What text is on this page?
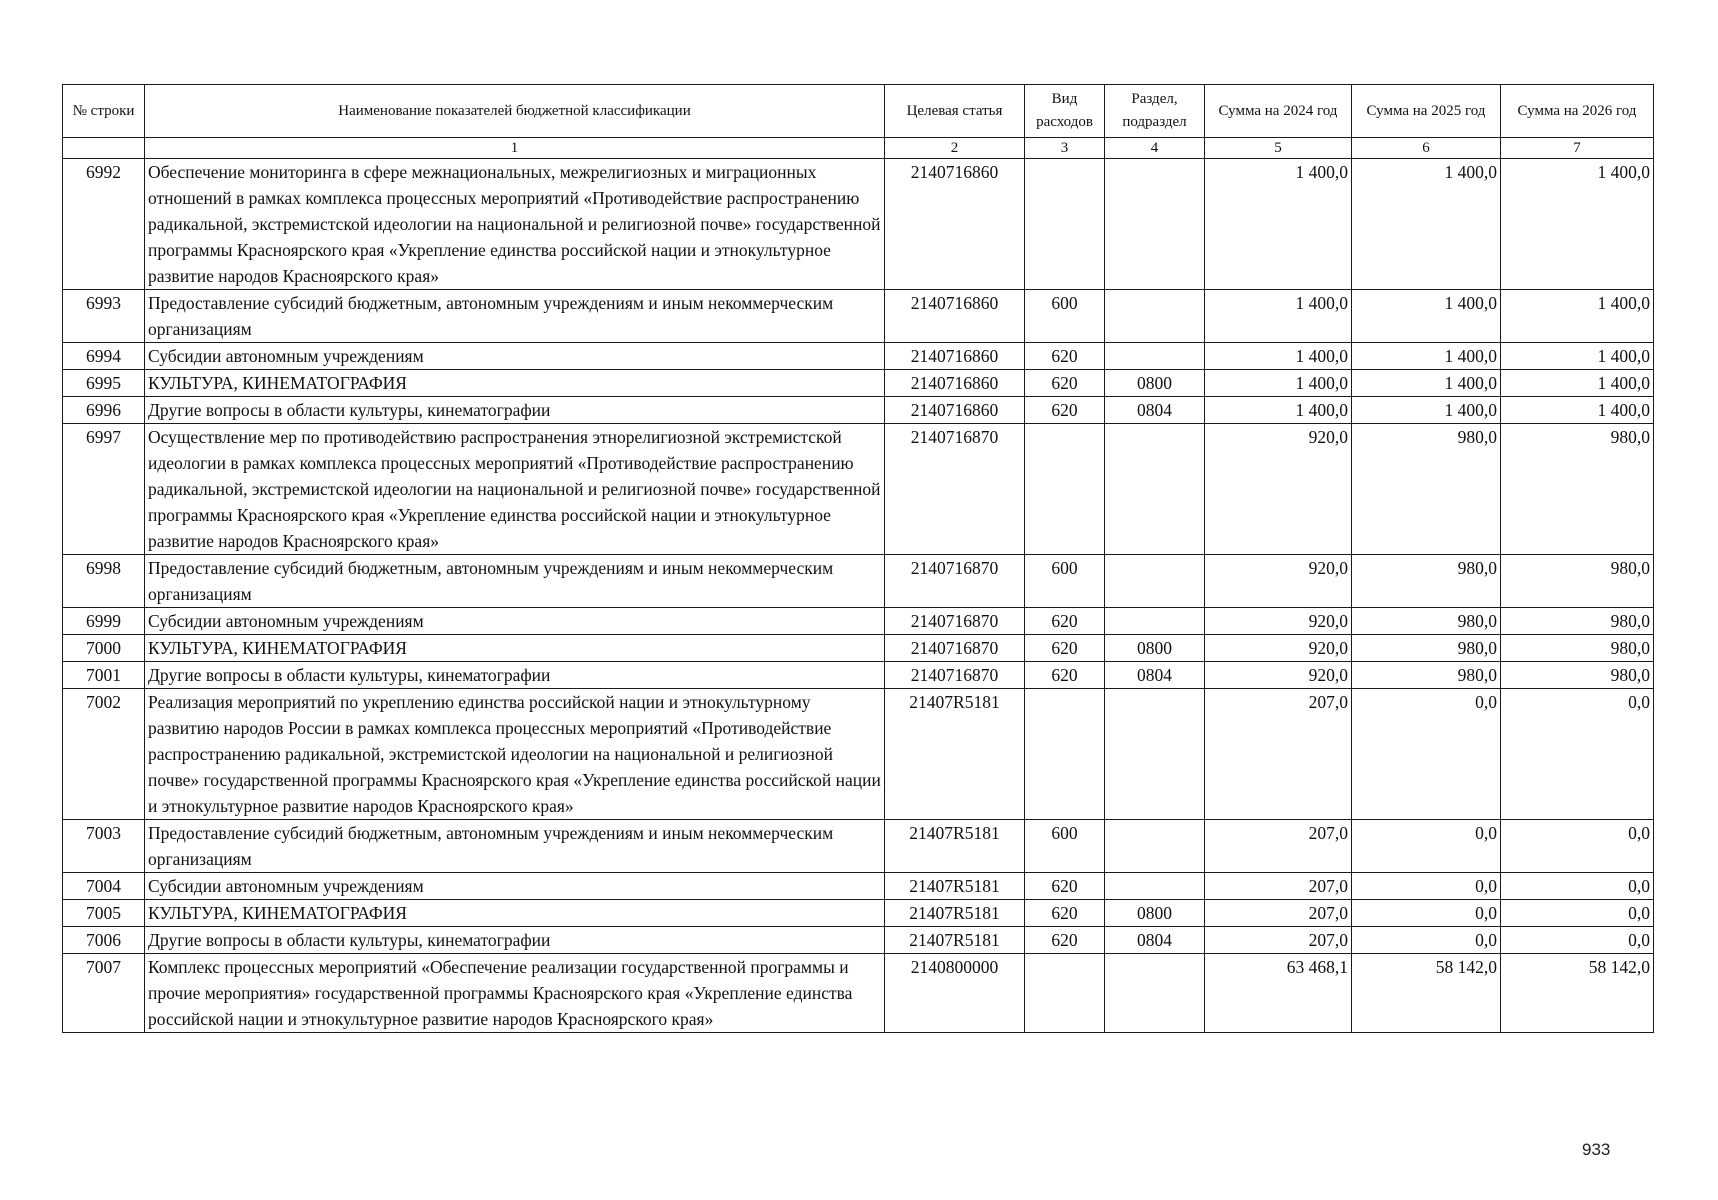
№ строки	Наименование показателей бюджетной классификации	Целевая статья	Вид расходов	Раздел, подраздел	Сумма на 2024 год	Сумма на 2025 год	Сумма на 2026 год
	1	2	3	4	5	6	7
6992	Обеспечение мониторинга в сфере межнациональных, межрелигиозных и миграционных отношений в рамках комплекса процессных мероприятий «Противодействие распространению радикальной, экстремистской идеологии на национальной и религиозной почве» государственной программы Красноярского края «Укрепление единства российской нации и этнокультурное развитие народов Красноярского края»	2140716860			1 400,0	1 400,0	1 400,0
6993	Предоставление субсидий бюджетным, автономным учреждениям и иным некоммерческим организациям	2140716860	600		1 400,0	1 400,0	1 400,0
6994	Субсидии автономным учреждениям	2140716860	620		1 400,0	1 400,0	1 400,0
6995	КУЛЬТУРА, КИНЕМАТОГРАФИЯ	2140716860	620	0800	1 400,0	1 400,0	1 400,0
6996	Другие вопросы в области культуры, кинематографии	2140716860	620	0804	1 400,0	1 400,0	1 400,0
6997	Осуществление мер по противодействию распространения этнорелигиозной экстремистской идеологии в рамках комплекса процессных мероприятий «Противодействие распространению радикальной, экстремистской идеологии на национальной и религиозной почве» государственной программы Красноярского края «Укрепление единства российской нации и этнокультурное развитие народов Красноярского края»	2140716870			920,0	980,0	980,0
6998	Предоставление субсидий бюджетным, автономным учреждениям и иным некоммерческим организациям	2140716870	600		920,0	980,0	980,0
6999	Субсидии автономным учреждениям	2140716870	620		920,0	980,0	980,0
7000	КУЛЬТУРА, КИНЕМАТОГРАФИЯ	2140716870	620	0800	920,0	980,0	980,0
7001	Другие вопросы в области культуры, кинематографии	2140716870	620	0804	920,0	980,0	980,0
7002	Реализация мероприятий по укреплению единства российской нации и этнокультурному развитию народов России в рамках комплекса процессных мероприятий «Противодействие распространению радикальной, экстремистской идеологии на национальной и религиозной почве» государственной программы Красноярского края «Укрепление единства российской нации и этнокультурное развитие народов Красноярского края»	21407R5181			207,0	0,0	0,0
7003	Предоставление субсидий бюджетным, автономным учреждениям и иным некоммерческим организациям	21407R5181	600		207,0	0,0	0,0
7004	Субсидии автономным учреждениям	21407R5181	620		207,0	0,0	0,0
7005	КУЛЬТУРА, КИНЕМАТОГРАФИЯ	21407R5181	620	0800	207,0	0,0	0,0
7006	Другие вопросы в области культуры, кинематографии	21407R5181	620	0804	207,0	0,0	0,0
7007	Комплекс процессных мероприятий «Обеспечение реализации государственной программы и прочие мероприятия» государственной программы Красноярского края «Укрепление единства российской нации и этнокультурное развитие народов Красноярского края»	2140800000			63 468,1	58 142,0	58 142,0
933
